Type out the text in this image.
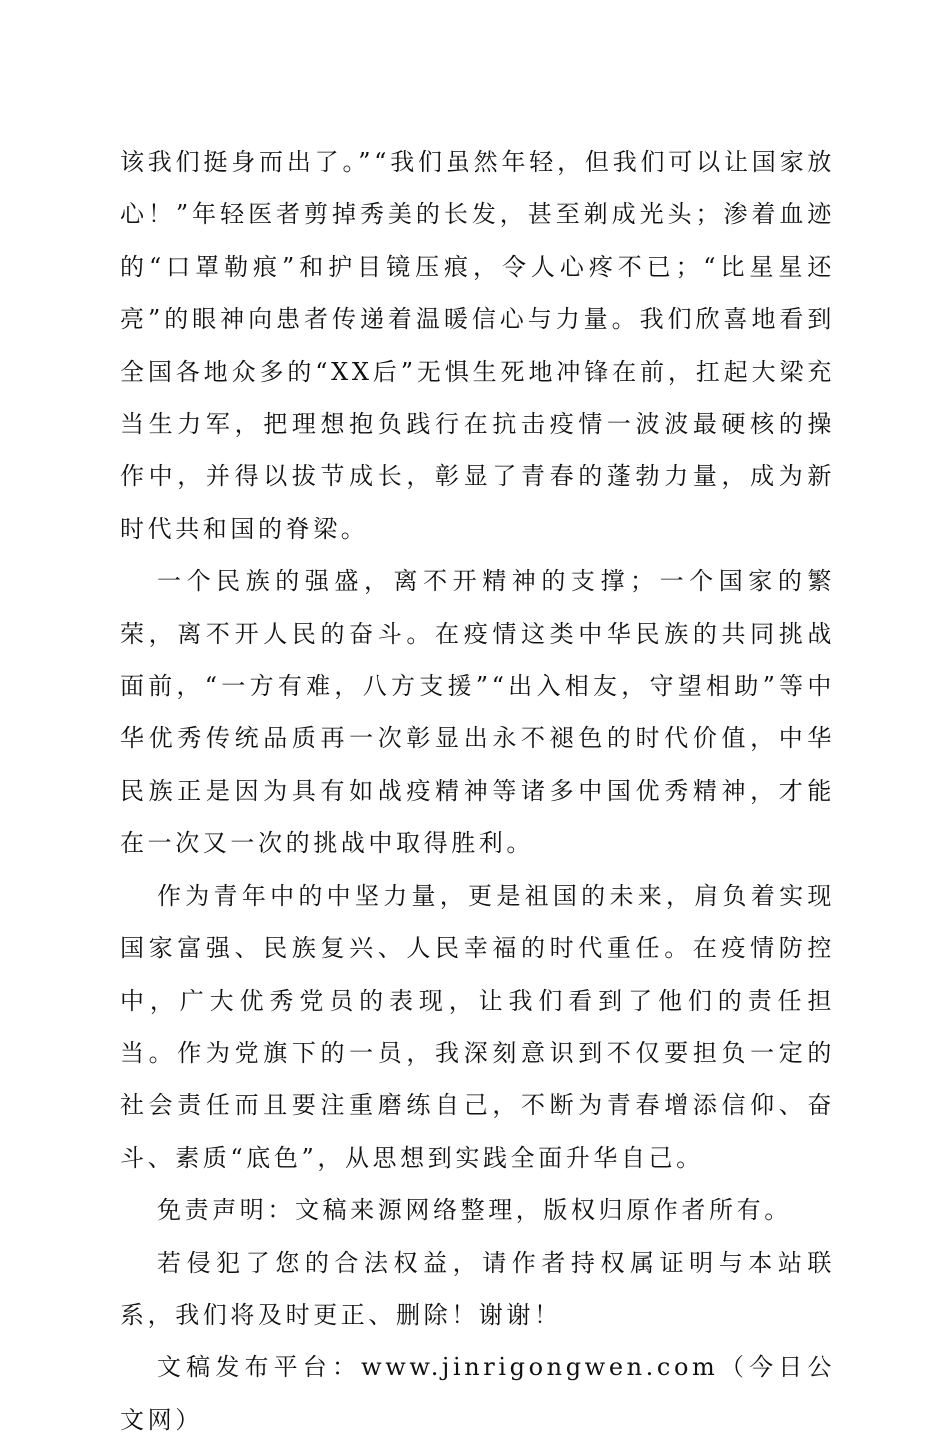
该我们挺身而出了。”“我们虽然年轻，但我们可以让国家放心！”年轻医者剪掉秀美的长发，甚至剃成光头；渗着血迹的“口罩勒痕”和护目镜压痕，令人心疼不已；“比星星还亮”的眼神向患者传递着温暖信心与力量。我们欣喜地看到全国各地众多的“XX后”无惧生死地冲锋在前，扛起大梁充当生力军，把理想抱负践行在抗击疫情一波波最硬核的操作中，并得以拔节成长，彰显了青春的蓬勃力量，成为新时代共和国的脊梁。

一个民族的强盛，离不开精神的支撑；一个国家的繁荣，离不开人民的奋斗。在疫情这类中华民族的共同挑战面前，“一方有难，八方支援”“出入相友，守望相助”等中华优秀传统品质再一次彰显出永不褪色的时代价值，中华民族正是因为具有如战疫精神等诸多中国优秀精神，才能在一次又一次的挑战中取得胜利。

作为青年中的中坚力量，更是祖国的未来，肩负着实现国家富强、民族复兴、人民幸福的时代重任。在疫情防控中，广大优秀党员的表现，让我们看到了他们的责任担当。作为党旗下的一员，我深刻意识到不仅要担负一定的社会责任而且要注重磨练自己，不断为青春增添信仰、奋斗、素质“底色”，从思想到实践全面升华自己。

免责声明：文稿来源网络整理，版权归原作者所有。

若侵犯了您的合法权益，请作者持权属证明与本站联系，我们将及时更正、删除！谢谢！

文稿发布平台：www.jinrigongwen.com（今日公文网）
